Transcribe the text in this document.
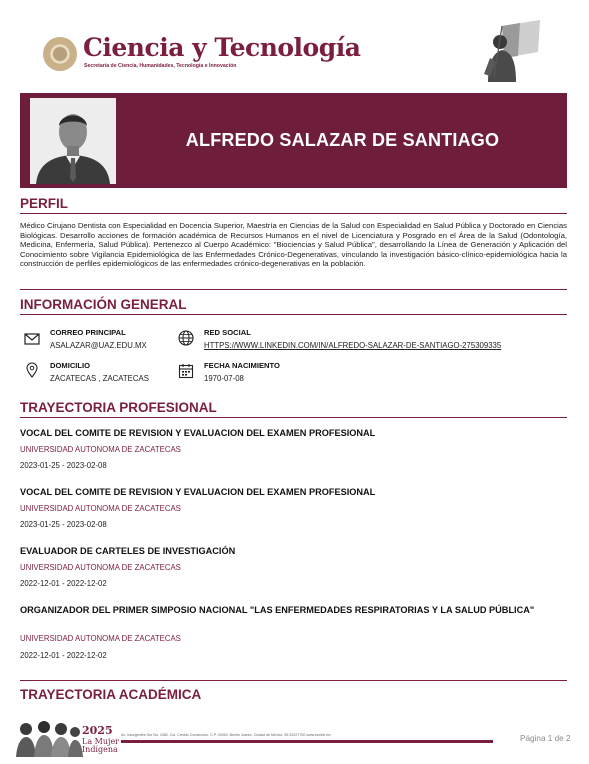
Ciencia y Tecnología
Secretaría de Ciencia, Humanidades, Tecnología e Innovación
ALFREDO SALAZAR DE SANTIAGO
PERFIL
Médico Cirujano Dentista con Especialidad en Docencia Superior, Maestría en Ciencias de la Salud con Especialidad en Salud Pública y Doctorado en Ciencias Biológicas. Desarrollo acciones de formación académica de Recursos Humanos en el nivel de Licenciatura y Posgrado en el Área de la Salud (Odontología, Medicina, Enfermería, Salud Pública). Pertenezco al Cuerpo Académico: "Biociencias y Salud Pública", desarrollando la Línea de Generación y Aplicación del Conocimiento sobre Vigilancia Epidemiológica de las Enfermedades Crónico-Degenerativas, vinculando la investigación básico-clínico-epidemiológica hacia la construcción de perfiles epidemiológicos de las enfermedades crónico-degenerativas en la población.
INFORMACIÓN GENERAL
CORREO PRINCIPAL
ASALAZAR@UAZ.EDU.MX
RED SOCIAL
HTTPS://WWW.LINKEDIN.COM/IN/ALFREDO-SALAZAR-DE-SANTIAGO-275309335
DOMICILIO
ZACATECAS , ZACATECAS
FECHA NACIMIENTO
1970-07-08
TRAYECTORIA PROFESIONAL
VOCAL DEL COMITE DE REVISION Y EVALUACION DEL EXAMEN PROFESIONAL
UNIVERSIDAD AUTONOMA DE ZACATECAS
2023-01-25 - 2023-02-08
VOCAL DEL COMITE DE REVISION Y EVALUACION DEL EXAMEN PROFESIONAL
UNIVERSIDAD AUTONOMA DE ZACATECAS
2023-01-25 - 2023-02-08
EVALUADOR DE CARTELES DE INVESTIGACIÓN
UNIVERSIDAD AUTONOMA DE ZACATECAS
2022-12-01 - 2022-12-02
ORGANIZADOR DEL PRIMER SIMPOSIO NACIONAL "LAS ENFERMEDADES RESPIRATORIAS Y LA SALUD PÚBLICA"
UNIVERSIDAD AUTONOMA DE ZACATECAS
2022-12-01 - 2022-12-02
TRAYECTORIA ACADÉMICA
2025
La Mujer
Indígena
Av. Insurgentes Sur No. 1582, Col. Crédito Constructor, C.P. 03940, Benito Juárez, Ciudad de México. 55 53227700 www.secihti.mx	Página 1 de 2
